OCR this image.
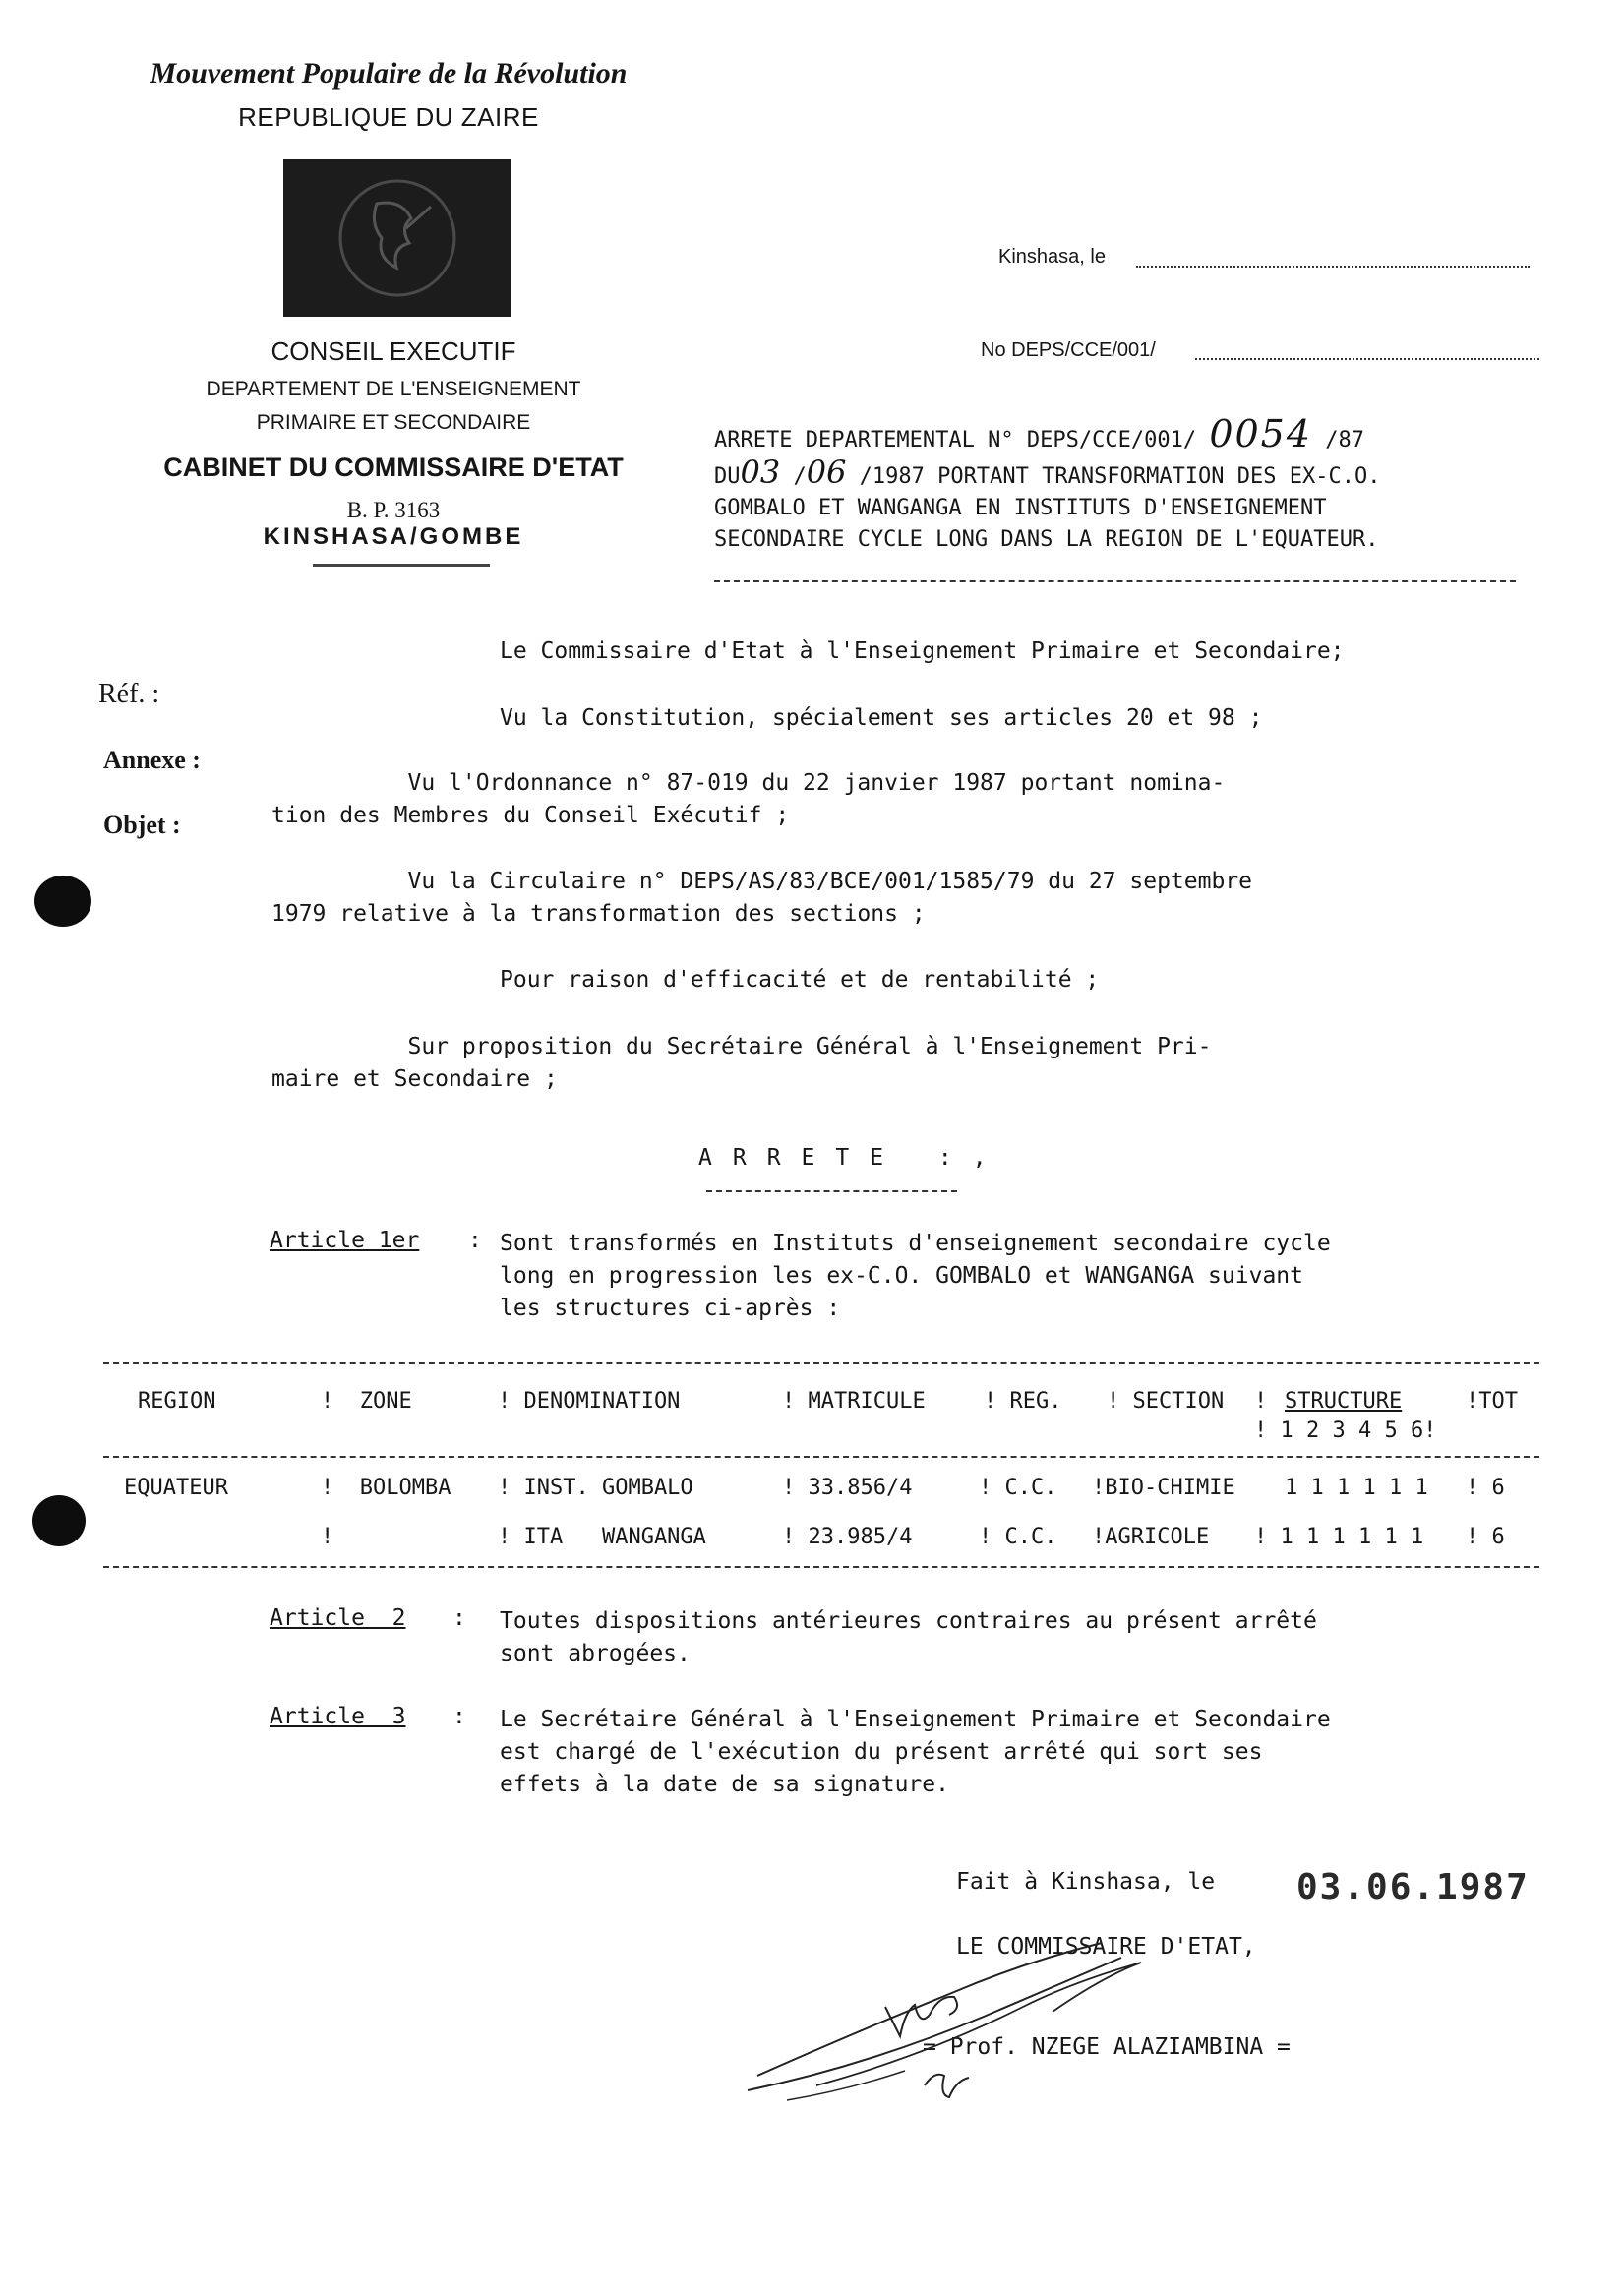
Mouvement Populaire de la Révolution
REPUBLIQUE DU ZAIRE
CONSEIL EXECUTIF
DEPARTEMENT DE L'ENSEIGNEMENT
PRIMAIRE ET SECONDAIRE
CABINET DU COMMISSAIRE D'ETAT
B. P. 3163
KINSHASA/GOMBE
Kinshasa, le
No DEPS/CCE/001/
ARRETE DEPARTEMENTAL N° DEPS/CCE/001/ 0054 /87
DU03 /06 /1987 PORTANT TRANSFORMATION DES EX-C.O.
GOMBALO ET WANGANGA EN INSTITUTS D'ENSEIGNEMENT
SECONDAIRE CYCLE LONG DANS LA REGION DE L'EQUATEUR.
Réf. :
Annexe :
Objet :
Le Commissaire d'Etat à l'Enseignement Primaire et Secondaire;
Vu la Constitution, spécialement ses articles 20 et 98 ;
Vu l'Ordonnance n° 87-019 du 22 janvier 1987 portant nomina-
tion des Membres du Conseil Exécutif ;
Vu la Circulaire n° DEPS/AS/83/BCE/001/1585/79 du 27 septembre
1979 relative à la transformation des sections ;
Pour raison d'efficacité et de rentabilité ;
Sur proposition du Secrétaire Général à l'Enseignement Pri-
maire et Secondaire ;
ARRETE :,
Article 1er : Sont transformés en Instituts d'enseignement secondaire cycle
long en progression les ex-C.O. GOMBALO et WANGANGA suivant
les structures ci-après :
REGION	!  ZONE	! DENOMINATION	! MATRICULE	! REG. ! SECTION ! STRUCTURE	!TOT
! 1 2 3 4 5 6!
EQUATEUR	!  BOLOMBA ! INST. GOMBALO	! 33.856/4	! C.C. !BIO-CHIMIE 1 1 1 1 1 1 ! 6
!	! ITA   WANGANGA	! 23.985/4	! C.C. !AGRICOLE ! 1 1 1 1 1 1 ! 6
Article  2 : Toutes dispositions antérieures contraires au présent arrêté
sont abrogées.
Article  3 : Le Secrétaire Général à l'Enseignement Primaire et Secondaire
est chargé de l'exécution du présent arrêté qui sort ses
effets à la date de sa signature.
Fait à Kinshasa, le 03.06.1987
LE COMMISSAIRE D'ETAT,
= Prof. NZEGE ALAZIAMBINA =
